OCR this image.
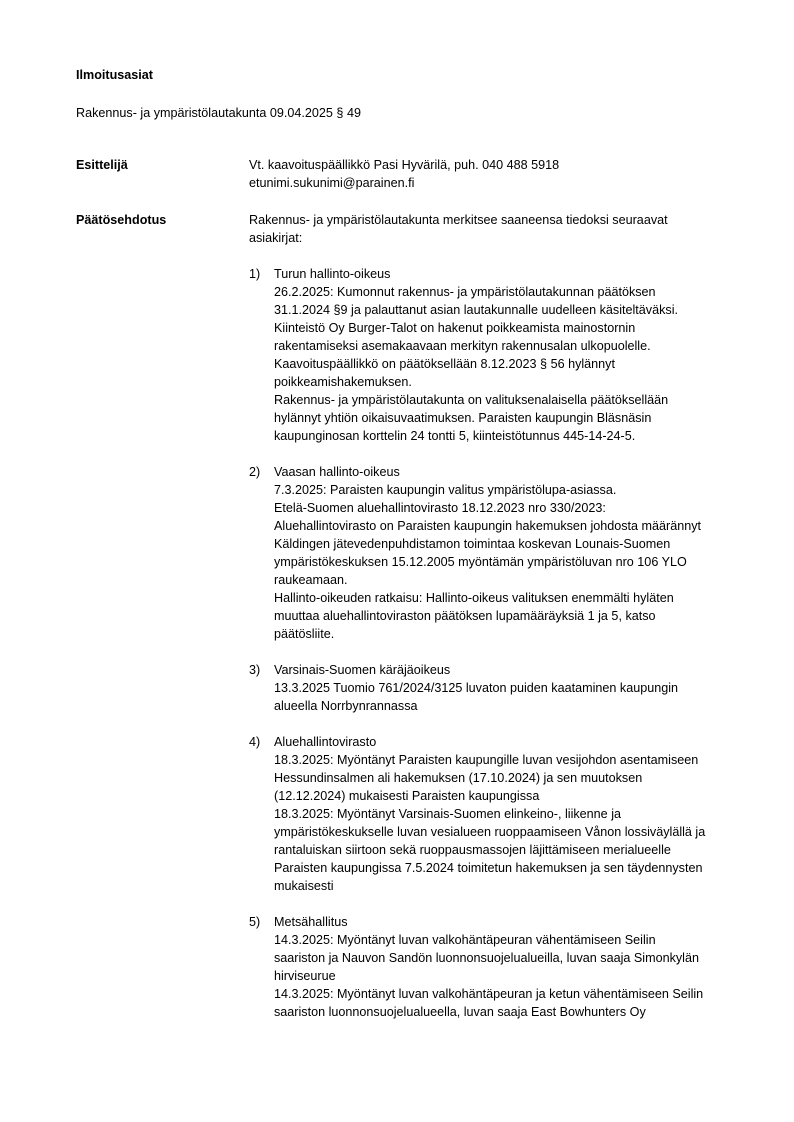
Ilmoitusasiat
Rakennus- ja ympäristölautakunta 09.04.2025 § 49
Esittelijä	Vt. kaavoituspäällikkö Pasi Hyvärilä, puh. 040 488 5918
etunimi.sukunimi@parainen.fi
Päätösehdotus	Rakennus- ja ympäristölautakunta merkitsee saaneensa tiedoksi seuraavat
asiakirjat:
1)	Turun hallinto-oikeus
26.2.2025: Kumonnut rakennus- ja ympäristölautakunnan päätöksen
31.1.2024 §9 ja palauttanut asian lautakunnalle uudelleen käsiteltäväksi.
Kiinteistö Oy Burger-Talot on hakenut poikkeamista mainostornin
rakentamiseksi asemakaavaan merkityn rakennusalan ulkopuolelle.
Kaavoituspäällikkö on päätöksellään 8.12.2023 § 56 hylännyt
poikkeamishakemuksen.
Rakennus- ja ympäristölautakunta on valituksenalaisella päätöksellään
hylännyt yhtiön oikaisuvaatimuksen. Paraisten kaupungin Bläsnäsin
kaupunginosan korttelin 24 tontti 5, kiinteistötunnus 445-14-24-5.
2)	Vaasan hallinto-oikeus
7.3.2025: Paraisten kaupungin valitus ympäristölupa-asiassa.
Etelä-Suomen aluehallintovirasto 18.12.2023 nro 330/2023:
Aluehallintovirasto on Paraisten kaupungin hakemuksen johdosta määrännyt
Käldingen jätevedenpuhdistamon toimintaa koskevan Lounais-Suomen
ympäristökeskuksen 15.12.2005 myöntämän ympäristöluvan nro 106 YLO
raukeamaan.
Hallinto-oikeuden ratkaisu: Hallinto-oikeus valituksen enemmälti hyläten
muuttaa aluehallintoviraston päätöksen lupamääräyksiä 1 ja 5, katso
päätösliite.
3)	Varsinais-Suomen käräjäoikeus
13.3.2025 Tuomio 761/2024/3125 luvaton puiden kaataminen kaupungin
alueella Norrbynrannassa
4)	Aluehallintovirasto
18.3.2025: Myöntänyt Paraisten kaupungille luvan vesijohdon asentamiseen
Hessundinsalmen ali hakemuksen (17.10.2024) ja sen muutoksen
(12.12.2024) mukaisesti Paraisten kaupungissa
18.3.2025: Myöntänyt Varsinais-Suomen elinkeino-, liikenne ja
ympäristökeskukselle luvan vesialueen ruoppaamiseen Vånon lossiväylällä ja
rantaluiskan siirtoon sekä ruoppausmassojen läjittämiseen merialueelle
Paraisten kaupungissa 7.5.2024 toimitetun hakemuksen ja sen täydennysten
mukaisesti
5)	Metsähallitus
14.3.2025: Myöntänyt luvan valkohäntäpeuran vähentämiseen Seilin
saariston ja Nauvon Sandön luonnonsuojelualueilla, luvan saaja Simonkylän
hirviseurue
14.3.2025: Myöntänyt luvan valkohäntäpeuran ja ketun vähentämiseen Seilin
saariston luonnonsuojelualueella, luvan saaja East Bowhunters Oy
